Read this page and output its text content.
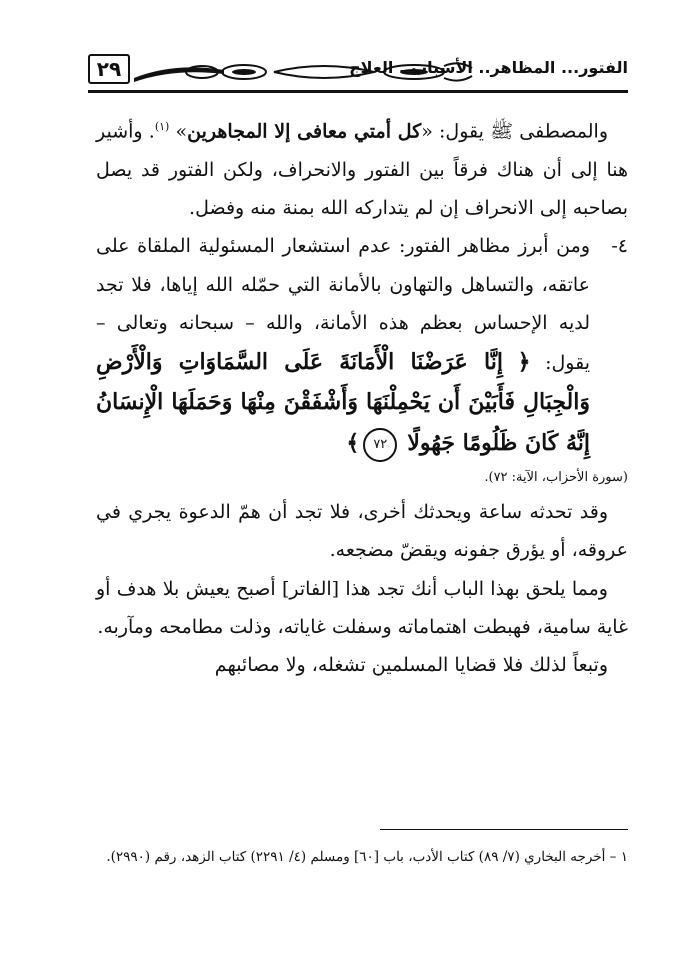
٢٩	الفتور... المظاهر.. الأسباب.. العلاج

والمصطفى ﷺ يقول: «كل أمتي معافى إلا المجاهرين» $^{(١)}$. وأشير هنا إلى أن هناك فرقاً بين الفتور والانحراف، ولكن الفتور قد يصل بصاحبه إلى الانحراف إن لم يتداركه الله بمنة منه وفضل.

٤-
ومن أبرز مظاهر الفتور: عدم استشعار المسئولية الملقاة على عاتقه، والتساهل والتهاون بالأمانة التي حمّله الله إياها، فلا تجد لديه الإحساس بعظم هذه الأمانة، والله – سبحانه وتعالى – يقول: ﴿ إِنَّا عَرَضْنَا الْأَمَانَةَ عَلَى السَّمَاوَاتِ وَالْأَرْضِ وَالْجِبَالِ فَأَبَيْنَ أَن يَحْمِلْنَهَا وَأَشْفَقْنَ مِنْهَا وَحَمَلَهَا الْإِنسَانُ إِنَّهُ كَانَ ظَلُومًا جَهُولًا ٧٢﴾

(سورة الأحزاب، الآية: ٧٢).

وقد تحدثه ساعة ويحدثك أخرى، فلا تجد أن همّ الدعوة يجري في عروقه، أو يؤرق جفونه ويقضّ مضجعه.

ومما يلحق بهذا الباب أنك تجد هذا [الفاتر] أصبح يعيش بلا هدف أو غاية سامية، فهبطت اهتماماته وسفلت غاياته، وذلت مطامحه ومآربه.

وتبعاً لذلك فلا قضايا المسلمين تشغله، ولا مصائبهم

١ – أخرجه البخاري (٧/ ٨٩) كتاب الأدب، باب [٦٠] ومسلم (٤/ ٢٢٩١) كتاب الزهد، رقم (٢٩٩٠).
